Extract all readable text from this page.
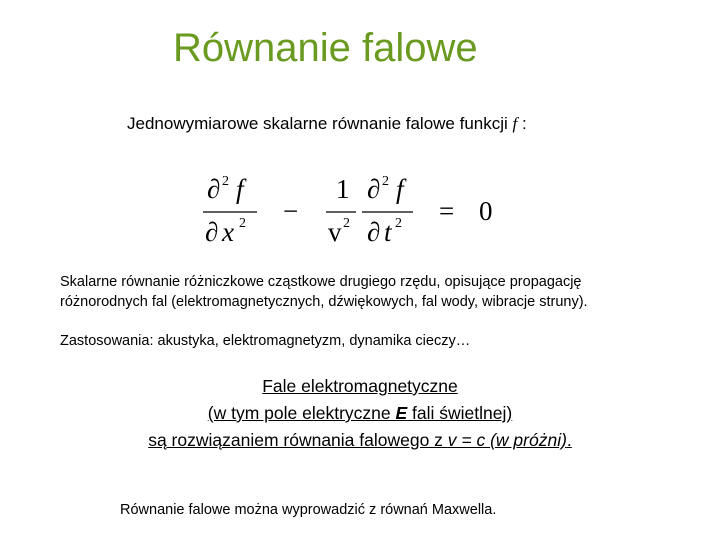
Równanie falowe
Jednowymiarowe skalarne równanie falowe funkcji f :
∂ 2 f
∂ x 2 −
1
v 2
∂ 2 f
∂ t 2 = 0
Skalarne równanie różniczkowe cząstkowe drugiego rzędu, opisujące propagację
różnorodnych fal (elektromagnetycznych, dźwiękowych, fal wody, wibracje struny).
Zastosowania: akustyka, elektromagnetyzm, dynamika cieczy…
Fale elektromagnetyczne
(w tym pole elektryczne E fali świetlnej)
są rozwiązaniem równania falowego z v = c (w próżni).
Równanie falowe można wyprowadzić z równań Maxwella.
